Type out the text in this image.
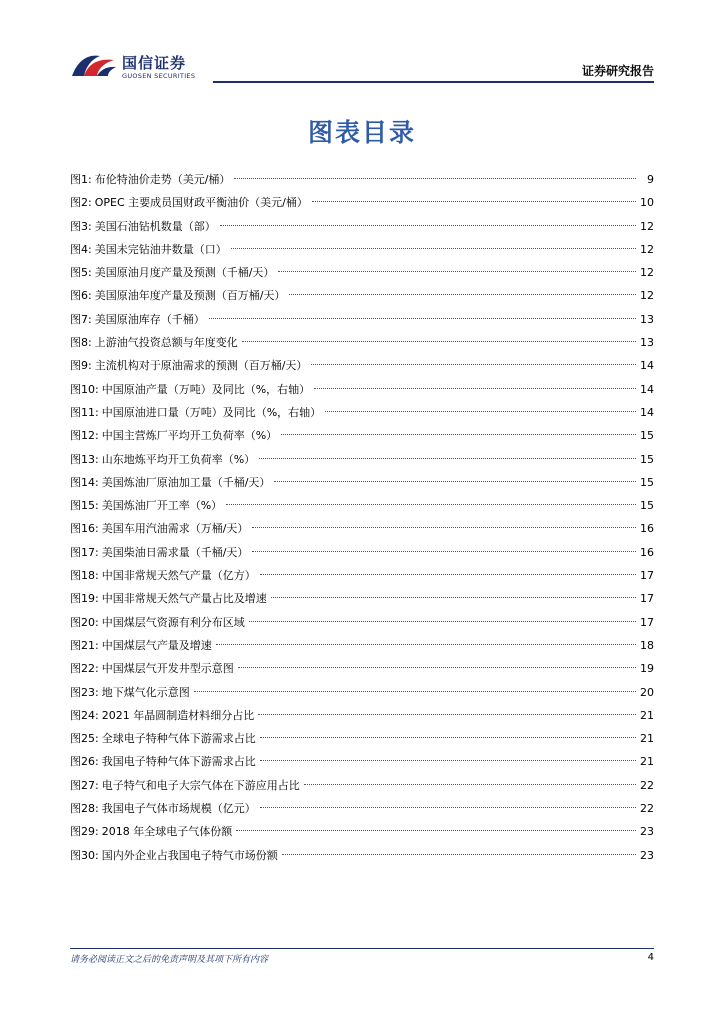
国信证券
GUOSEN SECURITIES	证券研究报告
图表目录
图1: 布伦特油价走势（美元/桶）	9
图2: OPEC 主要成员国财政平衡油价（美元/桶）	10
图3: 美国石油钻机数量（部）	12
图4: 美国未完钻油井数量（口）	12
图5: 美国原油月度产量及预测（千桶/天）	12
图6: 美国原油年度产量及预测（百万桶/天）	12
图7: 美国原油库存（千桶）	13
图8: 上游油气投资总额与年度变化	13
图9: 主流机构对于原油需求的预测（百万桶/天）	14
图10: 中国原油产量（万吨）及同比（%，右轴）	14
图11: 中国原油进口量（万吨）及同比（%，右轴）	14
图12: 中国主营炼厂平均开工负荷率（%）	15
图13: 山东地炼平均开工负荷率（%）	15
图14: 美国炼油厂原油加工量（千桶/天）	15
图15: 美国炼油厂开工率（%）	15
图16: 美国车用汽油需求（万桶/天）	16
图17: 美国柴油日需求量（千桶/天）	16
图18: 中国非常规天然气产量（亿方）	17
图19: 中国非常规天然气产量占比及增速	17
图20: 中国煤层气资源有利分布区域	17
图21: 中国煤层气产量及增速	18
图22: 中国煤层气开发井型示意图	19
图23: 地下煤气化示意图	20
图24: 2021 年晶圆制造材料细分占比	21
图25: 全球电子特种气体下游需求占比	21
图26: 我国电子特种气体下游需求占比	21
图27: 电子特气和电子大宗气体在下游应用占比	22
图28: 我国电子气体市场规模（亿元）	22
图29: 2018 年全球电子气体份额	23
图30: 国内外企业占我国电子特气市场份额	23
请务必阅读正文之后的免责声明及其项下所有内容	4
